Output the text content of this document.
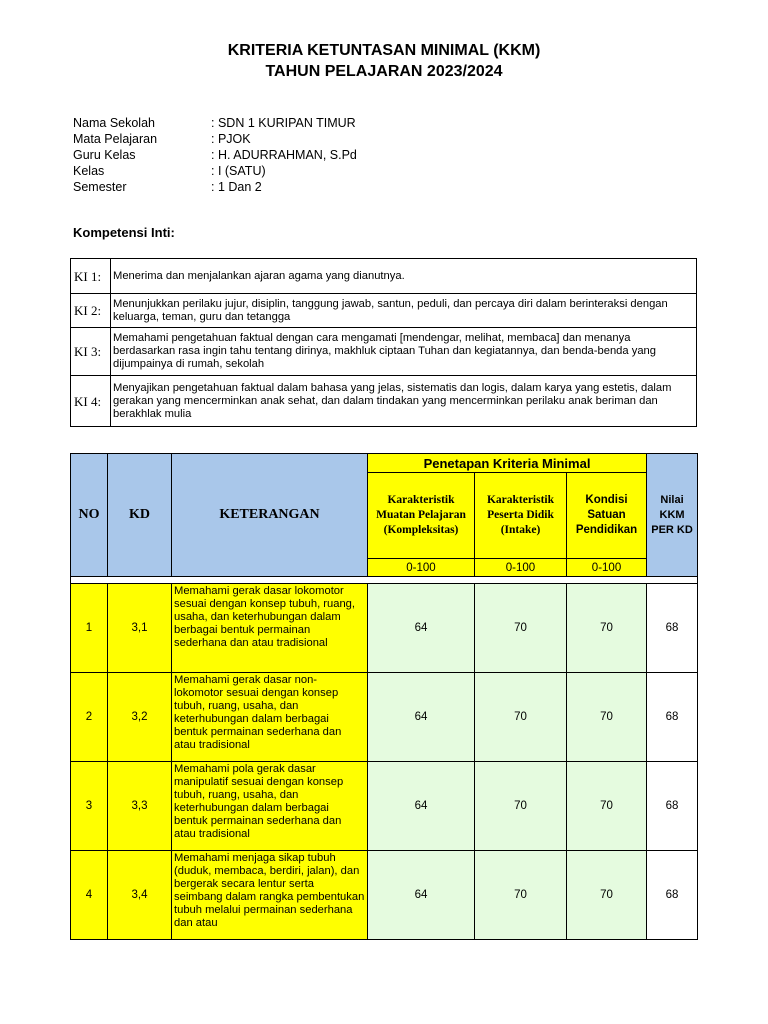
KRITERIA KETUNTASAN MINIMAL (KKM)
TAHUN PELAJARAN 2023/2024
Nama Sekolah	: SDN 1 KURIPAN TIMUR
Mata Pelajaran	: PJOK
Guru Kelas	: H. ADURRAHMAN, S.Pd
Kelas	: I (SATU)
Semester	: 1 Dan 2
Kompetensi Inti:
KI 1:	Menerima dan menjalankan ajaran agama yang dianutnya.
KI 2:	Menunjukkan perilaku jujur, disiplin, tanggung jawab, santun, peduli, dan percaya diri dalam berinteraksi dengan keluarga, teman, guru dan tetangga
KI 3:	Memahami pengetahuan faktual dengan cara mengamati [mendengar, melihat, membaca] dan menanya berdasarkan rasa ingin tahu tentang dirinya, makhluk ciptaan Tuhan dan kegiatannya, dan benda-benda yang dijumpainya di rumah, sekolah
KI 4:	Menyajikan pengetahuan faktual dalam bahasa yang jelas, sistematis dan logis, dalam karya yang estetis, dalam gerakan yang mencerminkan anak sehat, dan dalam tindakan yang mencerminkan perilaku anak beriman dan berakhlak mulia
NO	KD	KETERANGAN	Penetapan Kriteria Minimal			Nilai KKM PER KD
			Karakteristik Muatan Pelajaran (Kompleksitas)	Karakteristik Peserta Didik (Intake)	Kondisi Satuan Pendidikan	
			0-100	0-100	0-100	

1	3,1	Memahami gerak dasar lokomotor sesuai dengan konsep tubuh, ruang, usaha, dan keterhubungan dalam berbagai bentuk permainan sederhana dan atau tradisional	64	70	70	68
2	3,2	Memahami gerak dasar non-lokomotor sesuai dengan konsep tubuh, ruang, usaha, dan keterhubungan dalam berbagai bentuk permainan sederhana dan atau tradisional	64	70	70	68
3	3,3	Memahami pola gerak dasar manipulatif sesuai dengan konsep tubuh, ruang, usaha, dan keterhubungan dalam berbagai bentuk permainan sederhana dan atau tradisional	64	70	70	68
4	3,4	Memahami menjaga sikap tubuh (duduk, membaca, berdiri, jalan), dan bergerak secara lentur serta seimbang dalam rangka pembentukan tubuh melalui permainan sederhana dan atau	64	70	70	68
